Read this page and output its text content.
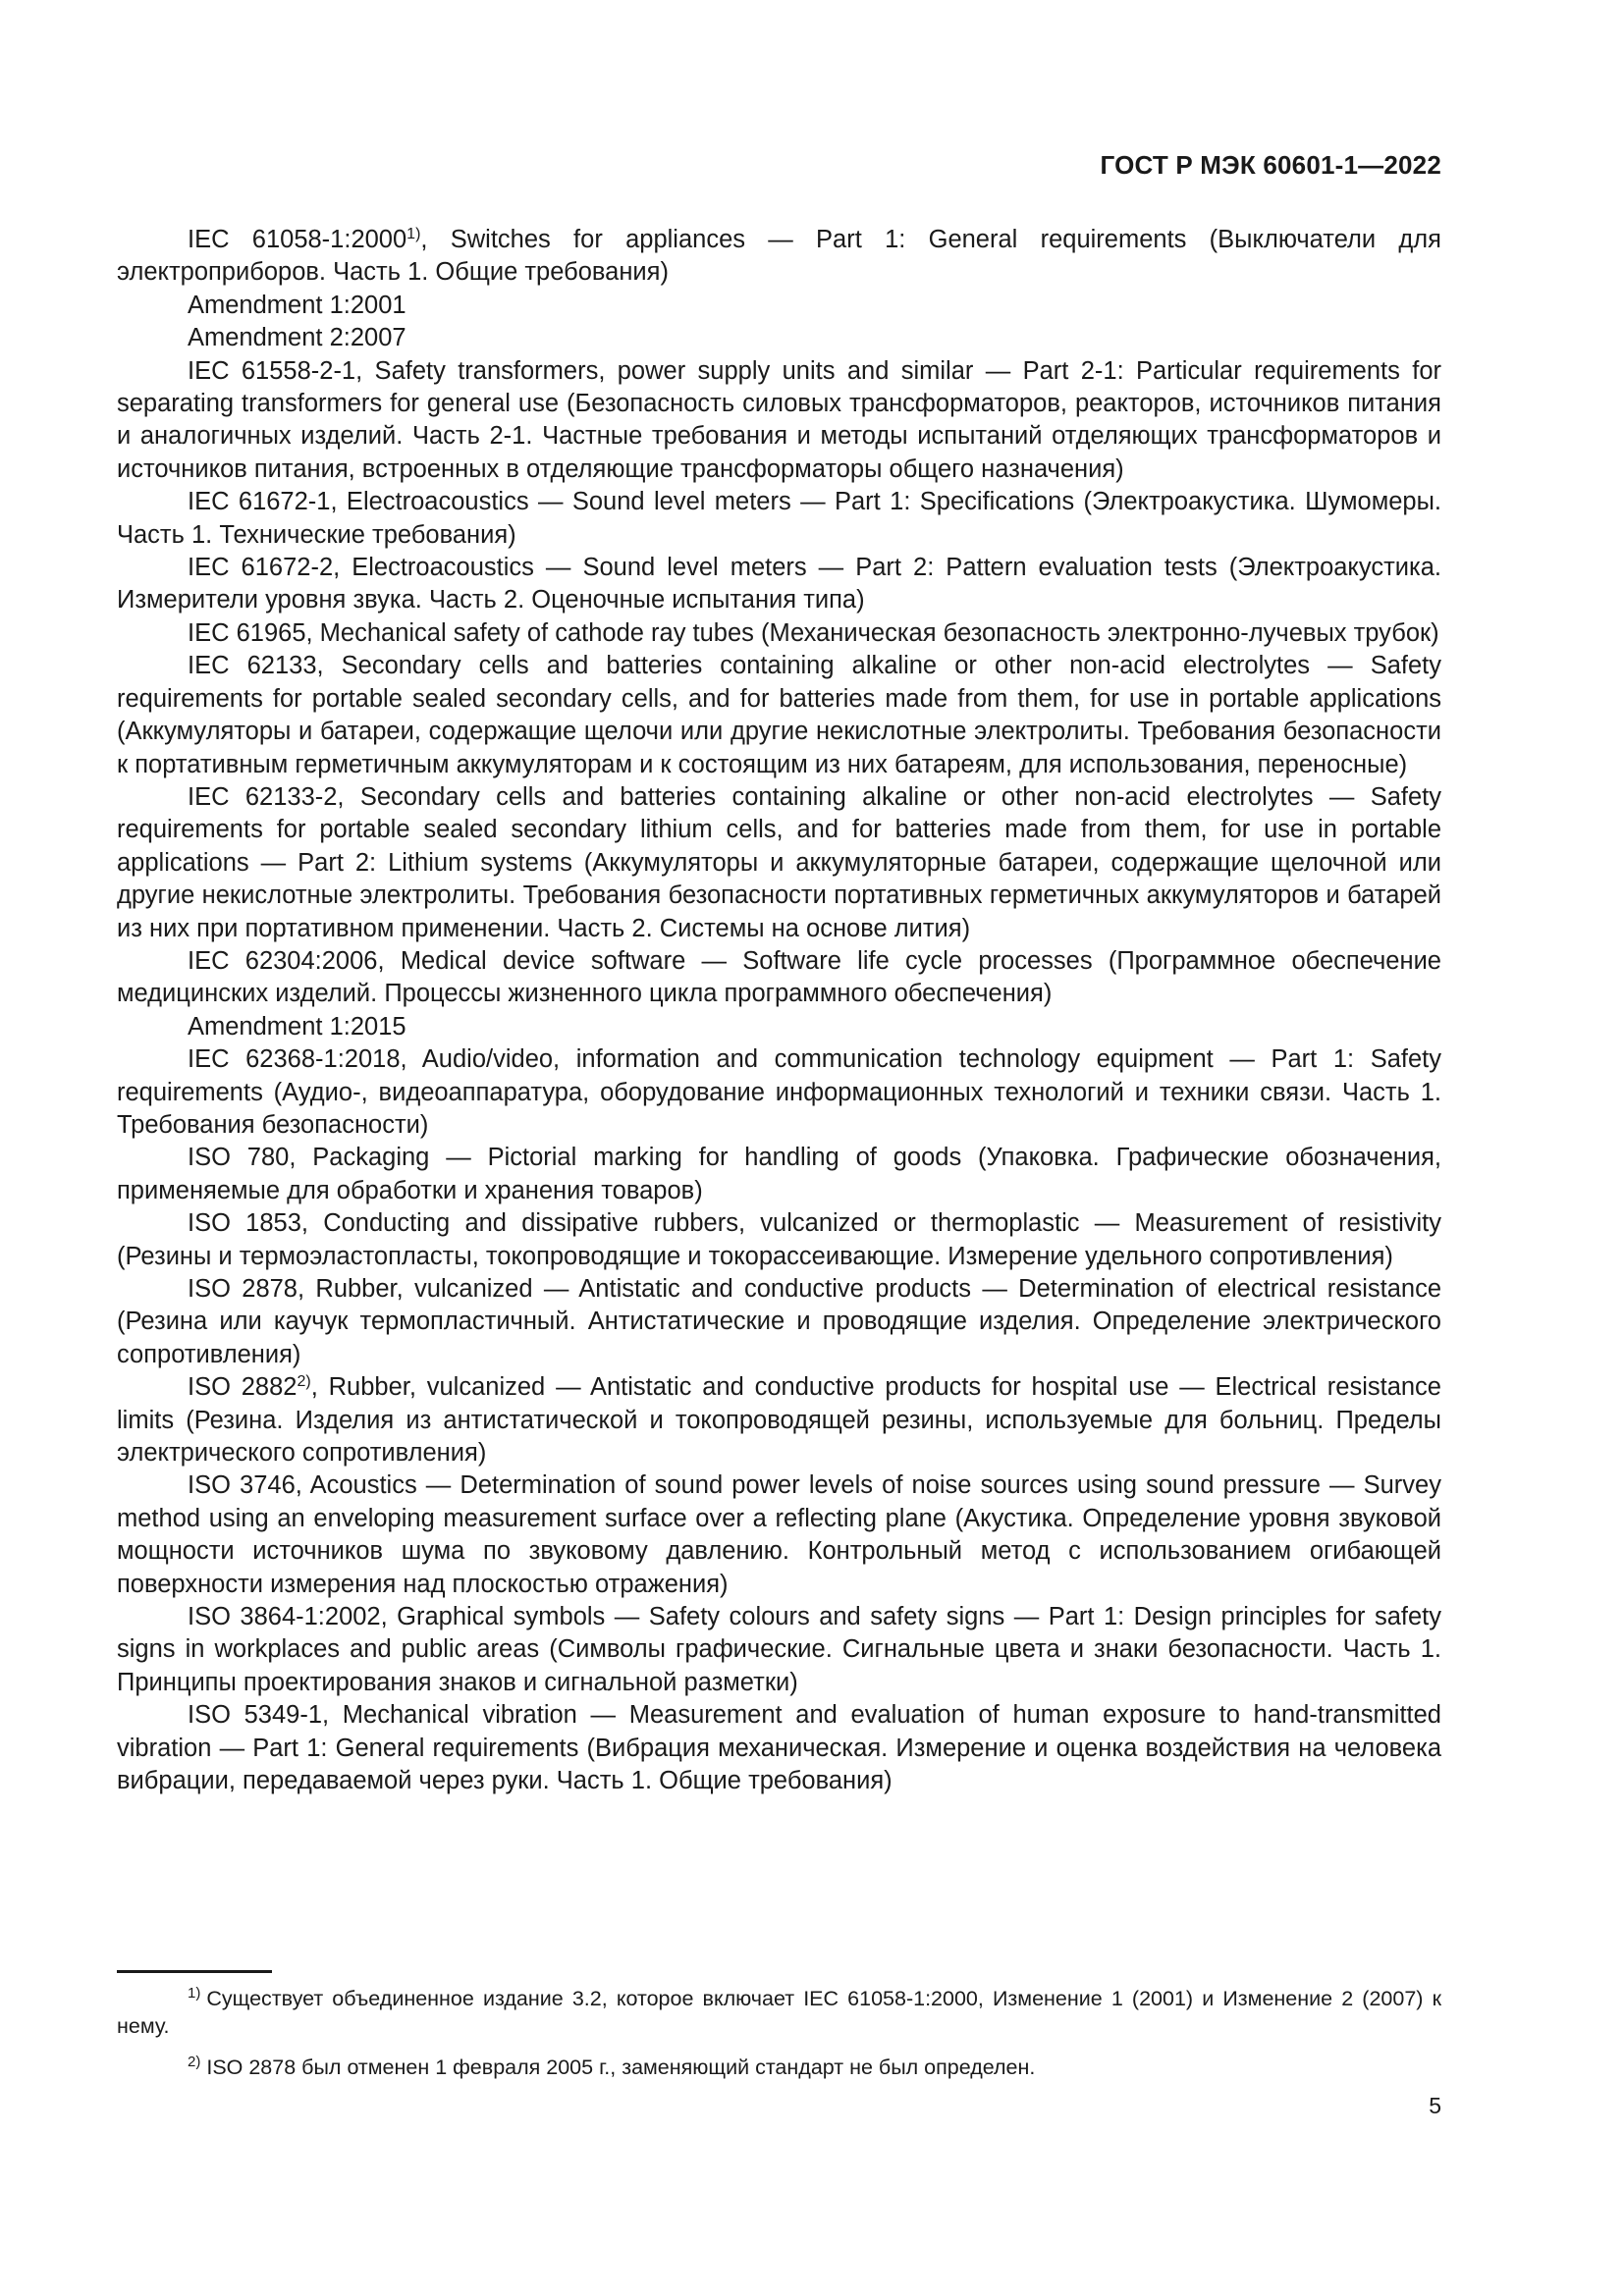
ГОСТ Р МЭК 60601-1—2022

IEC 61058-1:2000$^{1)}$, Switches for appliances — Part 1: General requirements (Выключатели для электроприборов. Часть 1. Общие требования)

Amendment 1:2001

Amendment 2:2007

IEC 61558-2-1, Safety transformers, power supply units and similar — Part 2-1: Particular requirements for separating transformers for general use (Безопасность силовых трансформаторов, реакторов, источников питания и аналогичных изделий. Часть 2-1. Частные требования и методы испытаний отделяющих трансформаторов и источников питания, встроенных в отделяющие трансформаторы общего назначения)

IEC 61672-1, Electroacoustics — Sound level meters — Part 1: Specifications (Электроакустика. Шумомеры. Часть 1. Технические требования)

IEC 61672-2, Electroacoustics — Sound level meters — Part 2: Pattern evaluation tests (Электроакустика. Измерители уровня звука. Часть 2. Оценочные испытания типа)

IEC 61965, Mechanical safety of cathode ray tubes (Механическая безопасность электронно-лучевых трубок)

IEC 62133, Secondary cells and batteries containing alkaline or other non-acid electrolytes — Safety requirements for portable sealed secondary cells, and for batteries made from them, for use in portable applications (Аккумуляторы и батареи, содержащие щелочи или другие некислотные электролиты. Требования безопасности к портативным герметичным аккумуляторам и к состоящим из них батареям, для использования, переносные)

IEC 62133-2, Secondary cells and batteries containing alkaline or other non-acid electrolytes — Safety requirements for portable sealed secondary lithium cells, and for batteries made from them, for use in portable applications — Part 2: Lithium systems (Аккумуляторы и аккумуляторные батареи, содержащие щелочной или другие некислотные электролиты. Требования безопасности портативных герметичных аккумуляторов и батарей из них при портативном применении. Часть 2. Системы на основе лития)

IEC 62304:2006, Medical device software — Software life cycle processes (Программное обеспечение медицинских изделий. Процессы жизненного цикла программного обеспечения)

Amendment 1:2015

IEC 62368-1:2018, Audio/video, information and communication technology equipment — Part 1: Safety requirements (Аудио-, видеоаппаратура, оборудование информационных технологий и техники связи. Часть 1. Требования безопасности)

ISO 780, Packaging — Pictorial marking for handling of goods (Упаковка. Графические обозначения, применяемые для обработки и хранения товаров)

ISO 1853, Conducting and dissipative rubbers, vulcanized or thermoplastic — Measurement of resistivity (Резины и термоэластопласты, токопроводящие и токорассеивающие. Измерение удельного сопротивления)

ISO 2878, Rubber, vulcanized — Antistatic and conductive products — Determination of electrical resistance (Резина или каучук термопластичный. Антистатические и проводящие изделия. Определение электрического сопротивления)

ISO 2882$^{2)}$, Rubber, vulcanized — Antistatic and conductive products for hospital use — Electrical resistance limits (Резина. Изделия из антистатической и токопроводящей резины, используемые для больниц. Пределы электрического сопротивления)

ISO 3746, Acoustics — Determination of sound power levels of noise sources using sound pressure — Survey method using an enveloping measurement surface over a reflecting plane (Акустика. Определение уровня звуковой мощности источников шума по звуковому давлению. Контрольный метод с использованием огибающей поверхности измерения над плоскостью отражения)

ISO 3864-1:2002, Graphical symbols — Safety colours and safety signs — Part 1: Design principles for safety signs in workplaces and public areas (Символы графические. Сигнальные цвета и знаки безопасности. Часть 1. Принципы проектирования знаков и сигнальной разметки)

ISO 5349-1, Mechanical vibration — Measurement and evaluation of human exposure to hand-transmitted vibration — Part 1: General requirements (Вибрация механическая. Измерение и оценка воздействия на человека вибрации, передаваемой через руки. Часть 1. Общие требования)

$^{1)}$ Существует объединенное издание 3.2, которое включает IEC 61058-1:2000, Изменение 1 (2001) и Изменение 2 (2007) к нему.

$^{2)}$ ISO 2878 был отменен 1 февраля 2005 г., заменяющий стандарт не был определен.

5
